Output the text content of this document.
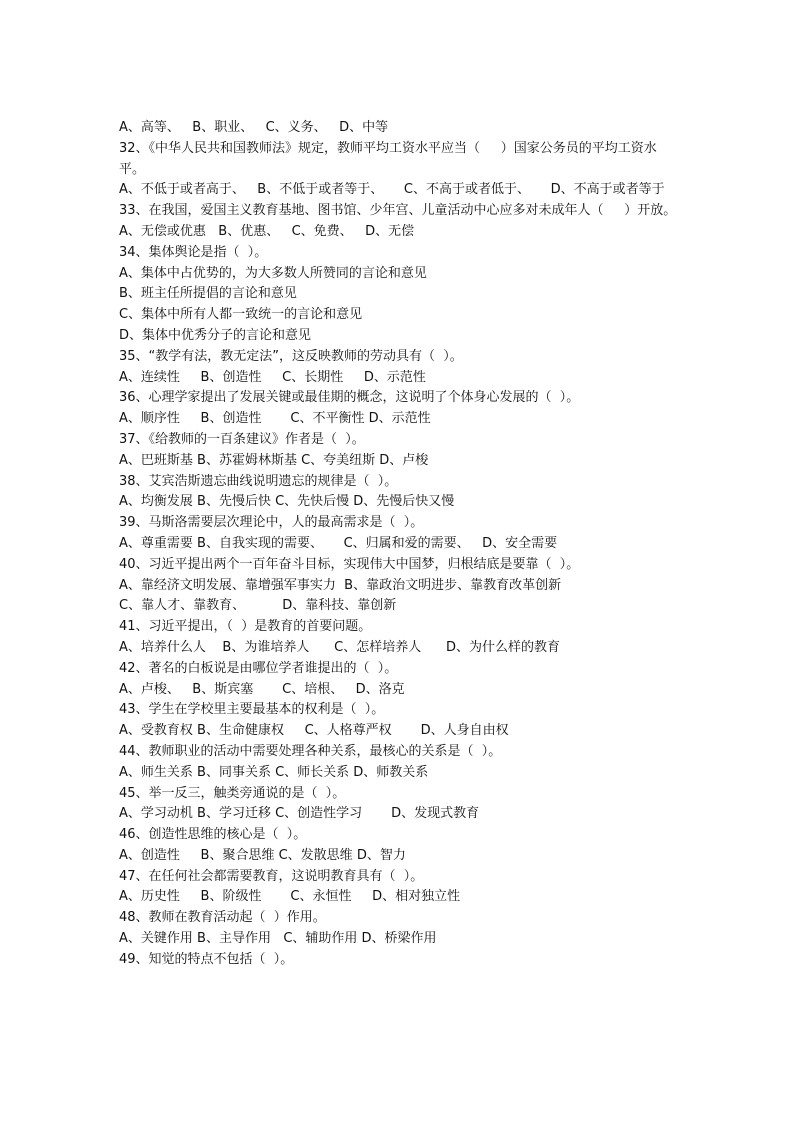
A、高等、   B、职业、   C、义务、   D、中等
32、《中华人民共和国教师法》规定，教师平均工资水平应当（     ）国家公务员的平均工资水平。
A、不低于或者高于、   B、不低于或者等于、     C、不高于或者低于、     D、不高于或者等于
33、在我国，爱国主义教育基地、图书馆、少年宫、儿童活动中心应多对未成年人（     ）开放。
A、无偿或优惠   B、优惠、   C、免费、   D、无偿
34、集体舆论是指（  ）。
A、集体中占优势的，为大多数人所赞同的言论和意见
B、班主任所提倡的言论和意见
C、集体中所有人都一致统一的言论和意见
D、集体中优秀分子的言论和意见
35、“教学有法，教无定法”，这反映教师的劳动具有（  ）。
A、连续性     B、创造性     C、长期性     D、示范性
36、心理学家提出了发展关键或最佳期的概念，这说明了个体身心发展的（  ）。
A、顺序性     B、创造性       C、不平衡性 D、示范性
37、《给教师的一百条建议》作者是（  ）。
A、巴班斯基 B、苏霍姆林斯基 C、夸美纽斯 D、卢梭
38、艾宾浩斯遗忘曲线说明遗忘的规律是（  ）。
A、均衡发展 B、先慢后快 C、先快后慢 D、先慢后快又慢
39、马斯洛需要层次理论中，人的最高需求是（  ）。
A、尊重需要 B、自我实现的需要、     C、归属和爱的需要、   D、安全需要
40、习近平提出两个一百年奋斗目标，实现伟大中国梦，归根结底是要靠（  ）。
A、靠经济文明发展、靠增强军事实力  B、靠政治文明进步、靠教育改革创新
C、靠人才、靠教育、         D、靠科技、靠创新
41、习近平提出，（  ）是教育的首要问题。
A、培养什么人    B、为谁培养人      C、怎样培养人      D、为什么样的教育
42、著名的白板说是由哪位学者谁提出的（  ）。
A、卢梭、   B、斯宾塞       C、培根、   D、洛克
43、学生在学校里主要最基本的权利是（  ）。
A、受教育权 B、生命健康权     C、人格尊严权       D、人身自由权
44、教师职业的活动中需要处理各种关系，最核心的关系是（  ）。
A、师生关系 B、同事关系 C、师长关系 D、师教关系
45、举一反三，触类旁通说的是（  ）。
A、学习动机 B、学习迁移 C、创造性学习       D、发现式教育
46、创造性思维的核心是（  ）。
A、创造性     B、聚合思维 C、发散思维 D、智力
47、在任何社会都需要教育，这说明教育具有（  ）。
A、历史性     B、阶级性       C、永恒性     D、相对独立性
48、教师在教育活动起（  ）作用。
A、关键作用 B、主导作用   C、辅助作用 D、桥梁作用
49、知觉的特点不包括（  ）。
